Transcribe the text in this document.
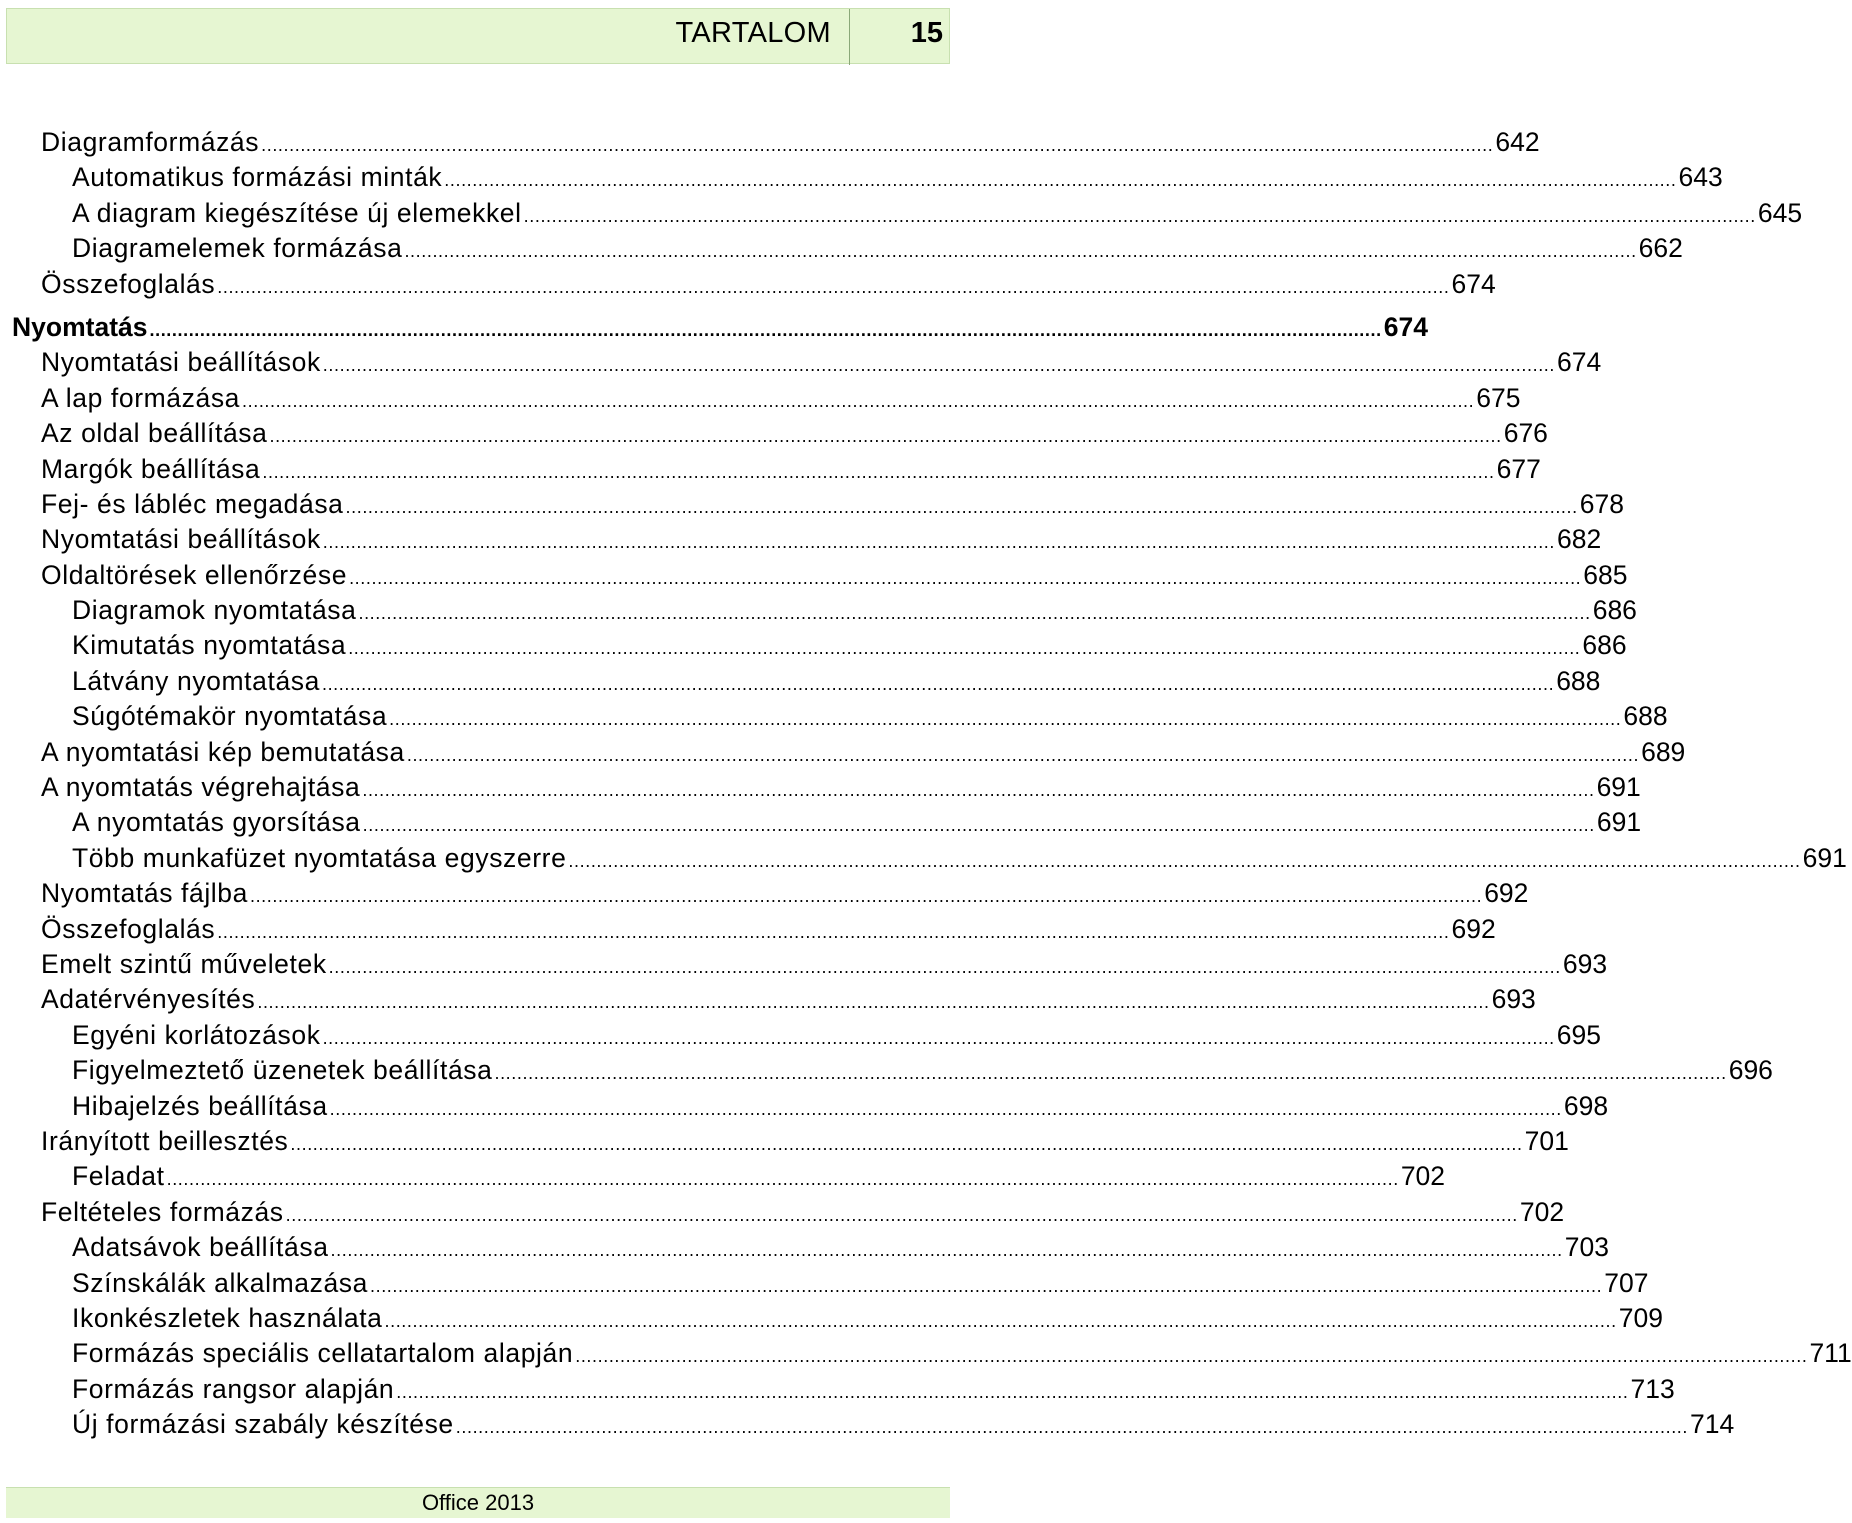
TARTALOM	15
Diagramformázás ............................................................................................................................................................................................................................ 642
Automatikus formázási minták ............................................................................................................................................................................................................................ 643
A diagram kiegészítése új elemekkel ............................................................................................................................................................................................................................ 645
Diagramelemek formázása ............................................................................................................................................................................................................................ 662
Összefoglalás ............................................................................................................................................................................................................................ 674
Nyomtatás ............................................................................................................................................................................................................................ 674
Nyomtatási beállítások ............................................................................................................................................................................................................................ 674
A lap formázása ............................................................................................................................................................................................................................ 675
Az oldal beállítása ............................................................................................................................................................................................................................ 676
Margók beállítása ............................................................................................................................................................................................................................ 677
Fej- és lábléc megadása ............................................................................................................................................................................................................................ 678
Nyomtatási beállítások ............................................................................................................................................................................................................................ 682
Oldaltörések ellenőrzése ............................................................................................................................................................................................................................ 685
Diagramok nyomtatása ............................................................................................................................................................................................................................ 686
Kimutatás nyomtatása ............................................................................................................................................................................................................................ 686
Látvány nyomtatása ............................................................................................................................................................................................................................ 688
Súgótémakör nyomtatása ............................................................................................................................................................................................................................ 688
A nyomtatási kép bemutatása ............................................................................................................................................................................................................................ 689
A nyomtatás végrehajtása ............................................................................................................................................................................................................................ 691
A nyomtatás gyorsítása ............................................................................................................................................................................................................................ 691
Több munkafüzet nyomtatása egyszerre ............................................................................................................................................................................................................................ 691
Nyomtatás fájlba ............................................................................................................................................................................................................................ 692
Összefoglalás ............................................................................................................................................................................................................................ 692
Emelt szintű műveletek ............................................................................................................................................................................................................................ 693
Adatérvényesítés ............................................................................................................................................................................................................................ 693
Egyéni korlátozások ............................................................................................................................................................................................................................ 695
Figyelmeztető üzenetek beállítása ............................................................................................................................................................................................................................ 696
Hibajelzés beállítása ............................................................................................................................................................................................................................ 698
Irányított beillesztés ............................................................................................................................................................................................................................ 701
Feladat ............................................................................................................................................................................................................................ 702
Feltételes formázás ............................................................................................................................................................................................................................ 702
Adatsávok beállítása ............................................................................................................................................................................................................................ 703
Színskálák alkalmazása ............................................................................................................................................................................................................................ 707
Ikonkészletek használata ............................................................................................................................................................................................................................ 709
Formázás speciális cellatartalom alapján ............................................................................................................................................................................................................................ 711
Formázás rangsor alapján ............................................................................................................................................................................................................................ 713
Új formázási szabály készítése ............................................................................................................................................................................................................................ 714
Office 2013
